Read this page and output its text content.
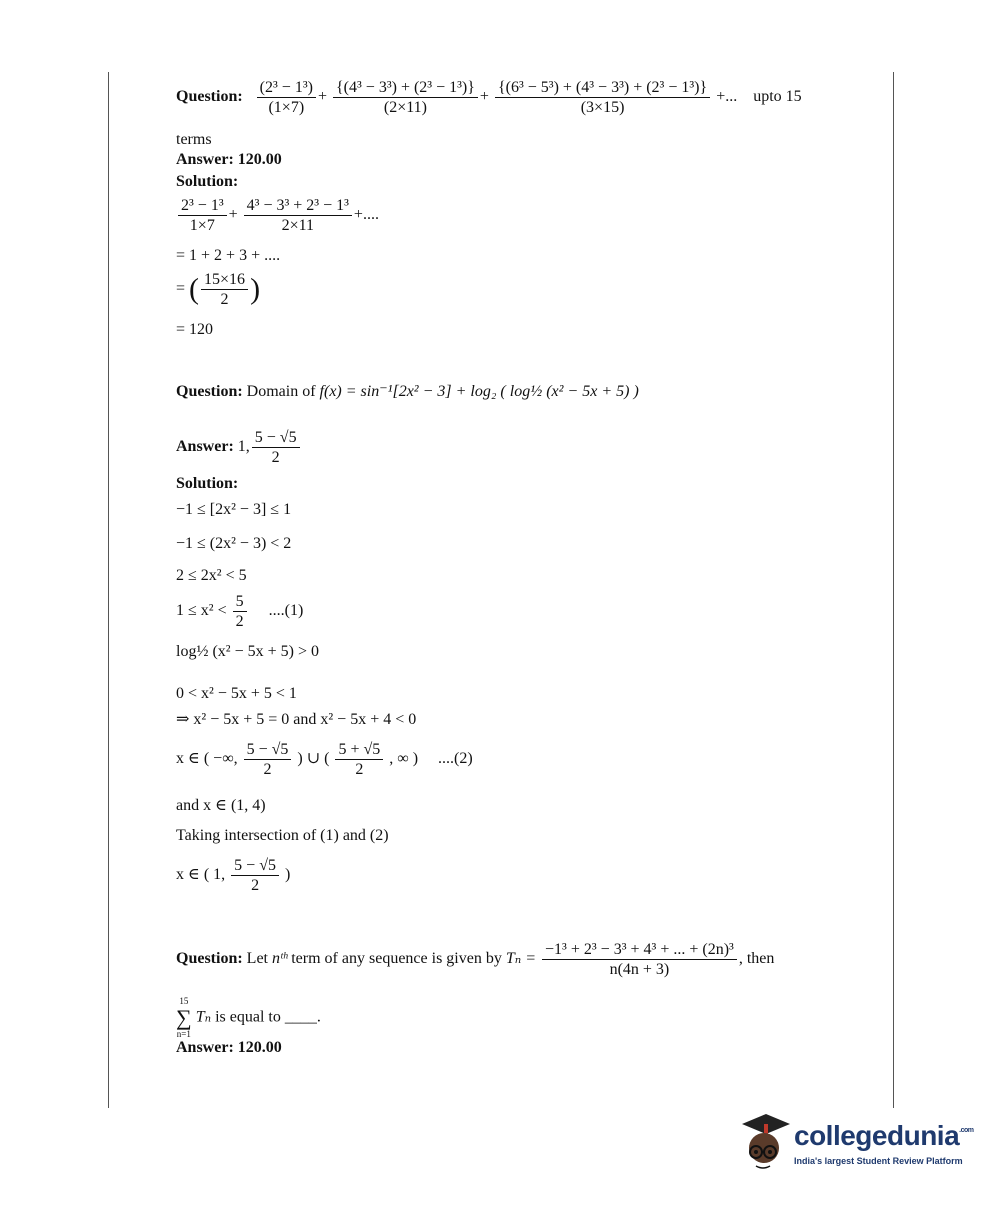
Question: $\frac{\text{(2³ − 1³)}}{(1\times 7)} + \frac{\text{\{(4³ − 3³) + (2³ − 1³)\}}}{(2\times 11)} + \frac{\text{\{(6³ − 5³) + (4³ − 3³) + (2³ − 1³)\}}}{(3\times 15)}$ +... upto 15
terms
Answer: 120.00
Solution:
$\frac{\text{2³ − 1³}}{1\times 7} + \frac{\text{4³ − 3³ + 2³ − 1³}}{2\times 11}$ +....
= 1 + 2 + 3 + ....
= ( $\frac{15\times 16}{2}$ )
= 120
Question: Domain of f(x) = sin⁻¹[2x² − 3] + log₂ ( log½ (x² − 5x + 5) )
Answer: 1, $\frac{5 - √5}{2}$
Solution:
−1 ≤ [2x² − 3] ≤ 1
−1 ≤ (2x² − 3) < 2
2 ≤ 2x² < 5
$1 \le x^2 < \frac{5}{2} ....(1)$
log½ (x² − 5x + 5) > 0
0 < x² − 5x + 5 < 1
⇒ x² − 5x + 5 = 0 and x² − 5x + 4 < 0
x ∈ ( −∞, $\frac{5 - √5}{2}$ ) ∪ ( $\frac{5 + √5}{2}$ , ∞ ) ....(2)
and x ∈ (1, 4)
Taking intersection of (1) and (2)
x ∈ ( 1, $\frac{5 - √5}{2}$ )
Question: Let nᵗʰ term of any sequence is given by $T_n = \frac{\text{−1³ + 2³ − 3³ + 4³ + ... + (2n)³}}{n(4n + 3)}$ , then
15
∑
n=1
Tₙ is equal to ____.
Answer: 120.00
collegedunia$^{.com}$
India's largest Student Review Platform
